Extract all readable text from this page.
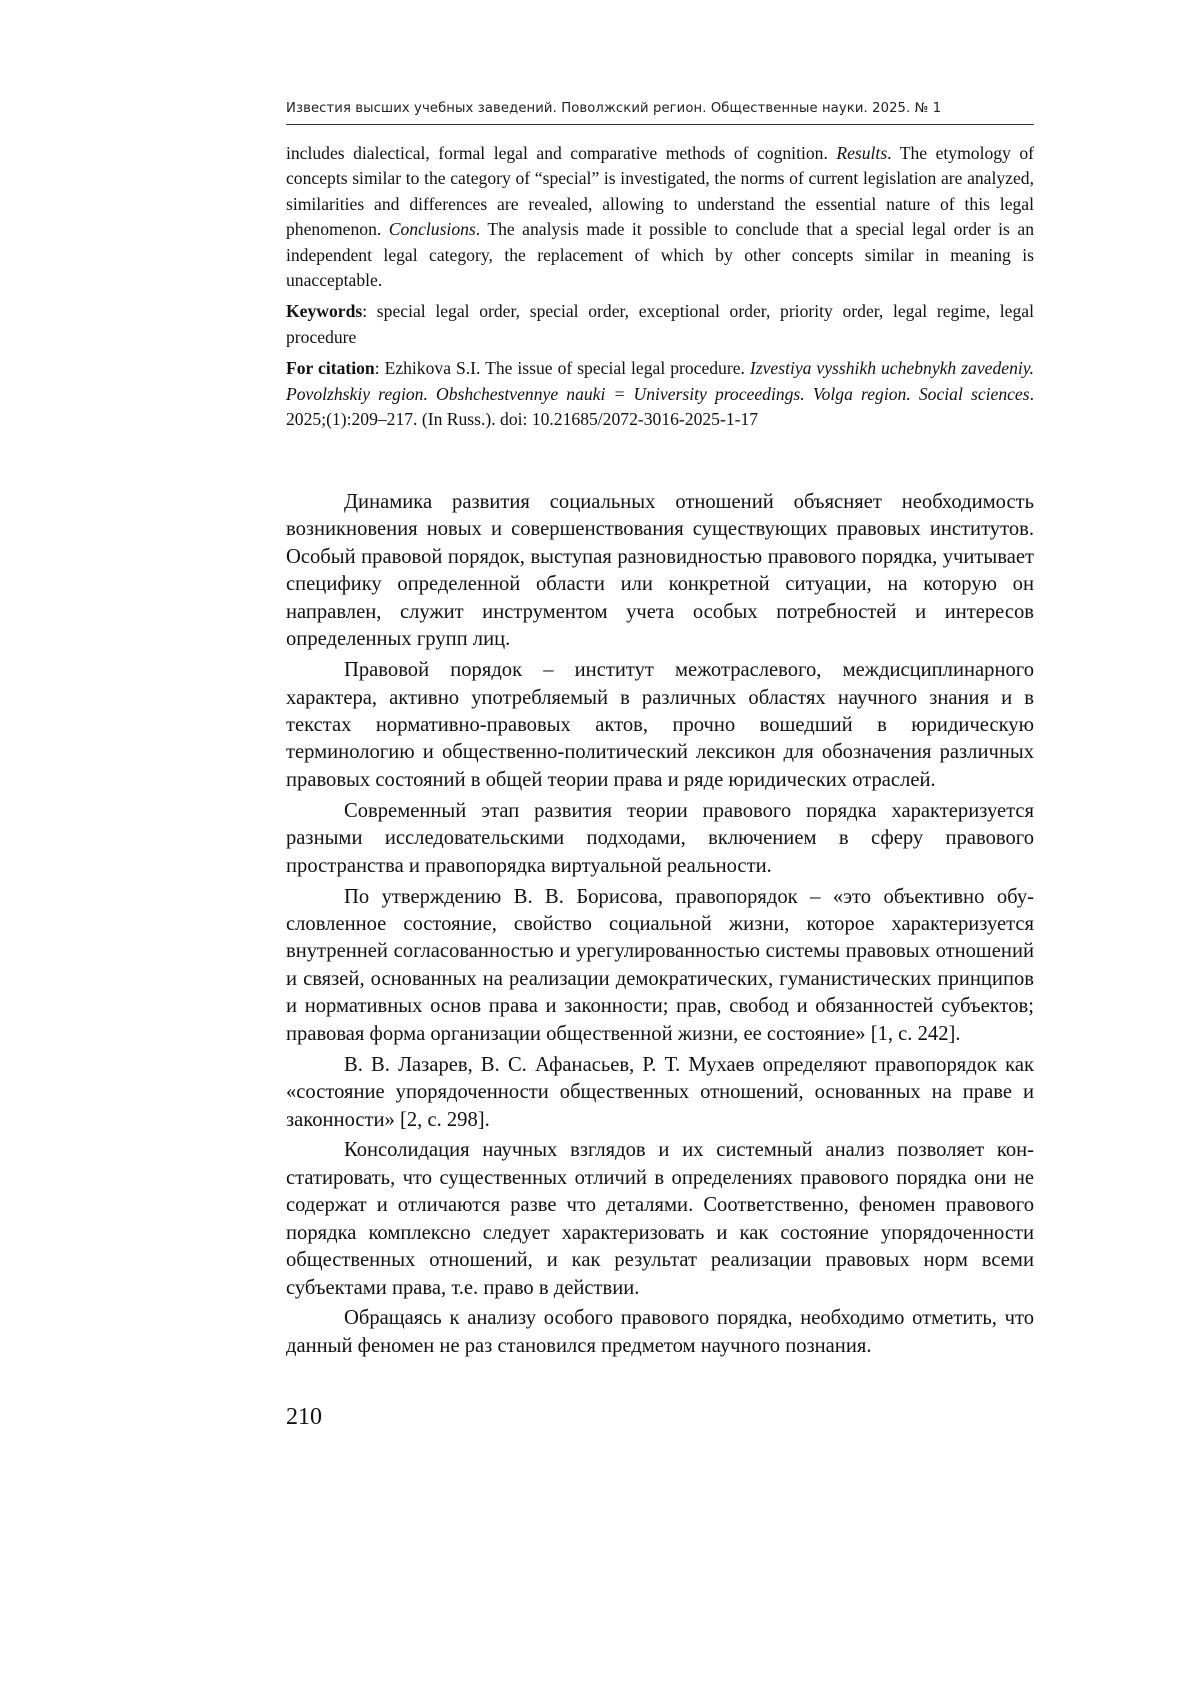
Известия высших учебных заведений. Поволжский регион. Общественные науки. 2025. № 1

includes dialectical, formal legal and comparative methods of cognition. Results. The etymology of concepts similar to the category of “special” is investigated, the norms of current legislation are analyzed, similarities and differences are revealed, allowing to understand the essential nature of this legal phenomenon. Conclusions. The analysis made it possible to conclude that a special legal order is an independent legal category, the replacement of which by other concepts similar in meaning is unacceptable.

Keywords: special legal order, special order, exceptional order, priority order, legal regime, legal procedure

For citation: Ezhikova S.I. The issue of special legal procedure. Izvestiya vysshikh uchebnykh zavedeniy. Povolzhskiy region. Obshchestvennye nauki = University proceedings. Volga region. Social sciences. 2025;(1):209–217. (In Russ.). doi: 10.21685/2072-3016-2025-1-17

Динамика развития социальных отношений объясняет необходимость возникновения новых и совершенствования существующих правовых институтов. Особый правовой порядок, выступая разновидностью правового порядка, учитывает специфику определенной области или конкретной ситуации, на которую он направлен, служит инструментом учета особых потребностей и интересов определенных групп лиц.

Правовой порядок – институт межотраслевого, междисциплинарного характера, активно употребляемый в различных областях научного знания и в текстах нормативно-правовых актов, прочно вошедший в юридическую терминологию и общественно-политический лексикон для обозначения различных правовых состояний в общей теории права и ряде юридических отраслей.

Современный этап развития теории правового порядка характеризуется разными исследовательскими подходами, включением в сферу правового пространства и правопорядка виртуальной реальности.

По утверждению В. В. Борисова, правопорядок – «это объективно обусловленное состояние, свойство социальной жизни, которое характеризуется внутренней согласованностью и урегулированностью системы правовых отношений и связей, основанных на реализации демократических, гуманистических принципов и нормативных основ права и законности; прав, свобод и обязанностей субъектов; правовая форма организации общественной жизни, ее состояние» [1, с. 242].

В. В. Лазарев, В. С. Афанасьев, Р. Т. Мухаев определяют правопорядок как «состояние упорядоченности общественных отношений, основанных на праве и законности» [2, с. 298].

Консолидация научных взглядов и их системный анализ позволяет констатировать, что существенных отличий в определениях правового порядка они не содержат и отличаются разве что деталями. Соответственно, феномен правового порядка комплексно следует характеризовать и как состояние упорядоченности общественных отношений, и как результат реализации правовых норм всеми субъектами права, т.е. право в действии.

Обращаясь к анализу особого правового порядка, необходимо отметить, что данный феномен не раз становился предметом научного познания.

210
